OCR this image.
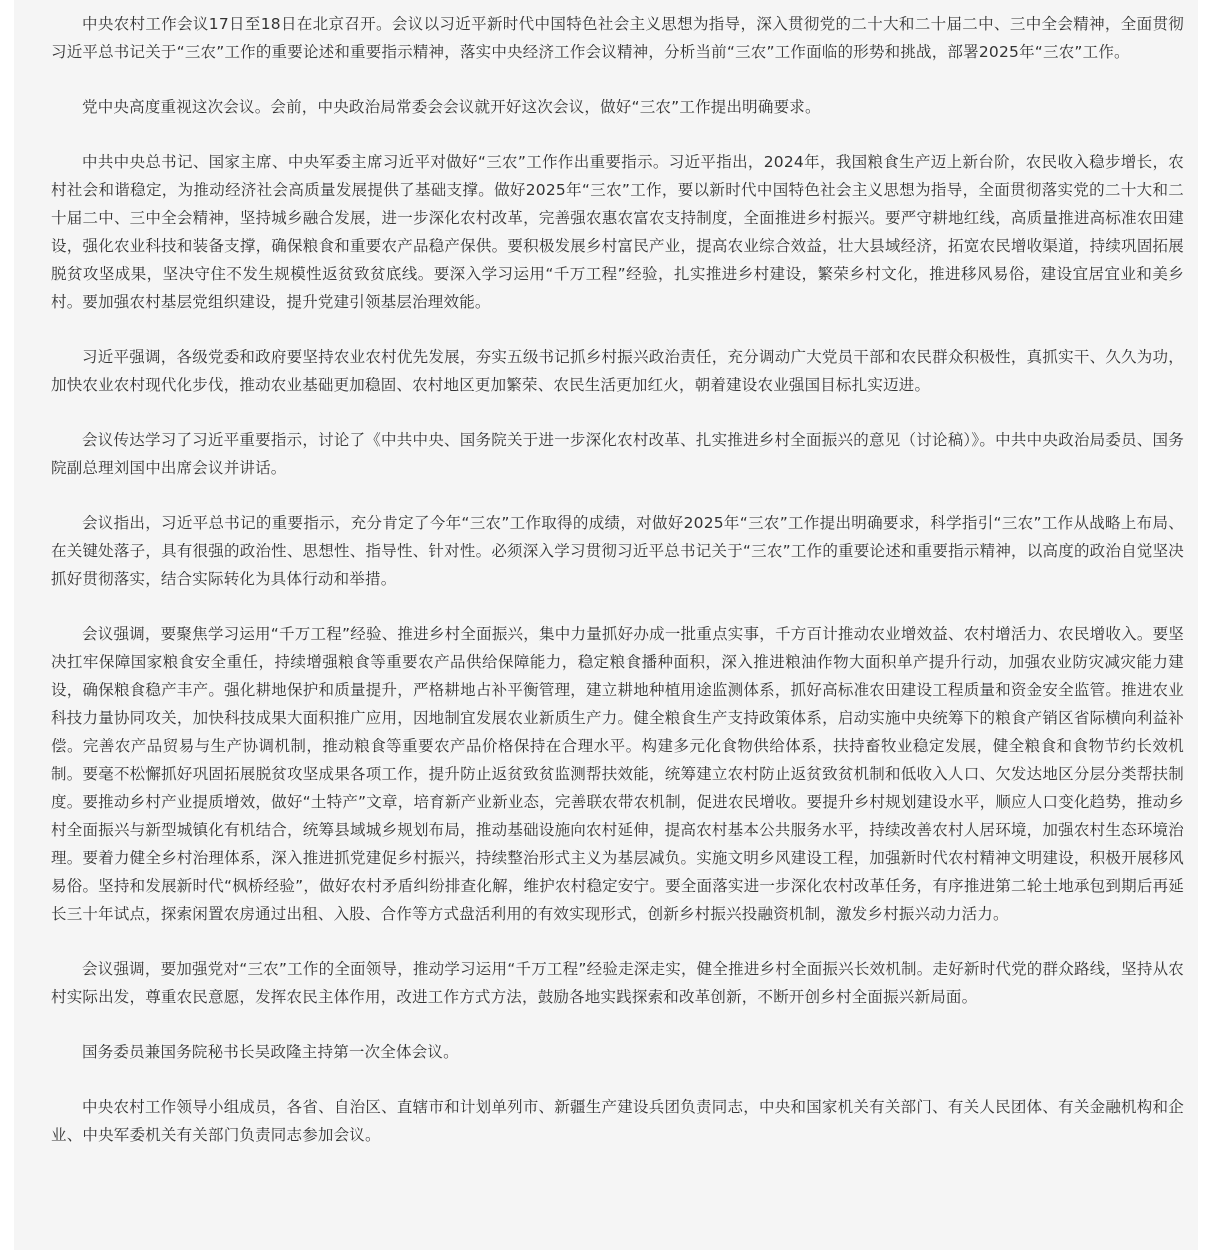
中央农村工作会议17日至18日在北京召开。会议以习近平新时代中国特色社会主义思想为指导，深入贯彻党的二十大和二十届二中、三中全会精神，全面贯彻习近平总书记关于“三农”工作的重要论述和重要指示精神，落实中央经济工作会议精神，分析当前“三农”工作面临的形势和挑战，部署2025年“三农”工作。

党中央高度重视这次会议。会前，中央政治局常委会会议就开好这次会议，做好“三农”工作提出明确要求。

中共中央总书记、国家主席、中央军委主席习近平对做好“三农”工作作出重要指示。习近平指出，2024年，我国粮食生产迈上新台阶，农民收入稳步增长，农村社会和谐稳定，为推动经济社会高质量发展提供了基础支撑。做好2025年“三农”工作，要以新时代中国特色社会主义思想为指导，全面贯彻落实党的二十大和二十届二中、三中全会精神，坚持城乡融合发展，进一步深化农村改革，完善强农惠农富农支持制度，全面推进乡村振兴。要严守耕地红线，高质量推进高标准农田建设，强化农业科技和装备支撑，确保粮食和重要农产品稳产保供。要积极发展乡村富民产业，提高农业综合效益，壮大县域经济，拓宽农民增收渠道，持续巩固拓展脱贫攻坚成果，坚决守住不发生规模性返贫致贫底线。要深入学习运用“千万工程”经验，扎实推进乡村建设，繁荣乡村文化，推进移风易俗，建设宜居宜业和美乡村。要加强农村基层党组织建设，提升党建引领基层治理效能。

习近平强调，各级党委和政府要坚持农业农村优先发展，夯实五级书记抓乡村振兴政治责任，充分调动广大党员干部和农民群众积极性，真抓实干、久久为功，加快农业农村现代化步伐，推动农业基础更加稳固、农村地区更加繁荣、农民生活更加红火，朝着建设农业强国目标扎实迈进。

会议传达学习了习近平重要指示，讨论了《中共中央、国务院关于进一步深化农村改革、扎实推进乡村全面振兴的意见（讨论稿）》。中共中央政治局委员、国务院副总理刘国中出席会议并讲话。

会议指出，习近平总书记的重要指示，充分肯定了今年“三农”工作取得的成绩，对做好2025年“三农”工作提出明确要求，科学指引“三农”工作从战略上布局、在关键处落子，具有很强的政治性、思想性、指导性、针对性。必须深入学习贯彻习近平总书记关于“三农”工作的重要论述和重要指示精神，以高度的政治自觉坚决抓好贯彻落实，结合实际转化为具体行动和举措。

会议强调，要聚焦学习运用“千万工程”经验、推进乡村全面振兴，集中力量抓好办成一批重点实事，千方百计推动农业增效益、农村增活力、农民增收入。要坚决扛牢保障国家粮食安全重任，持续增强粮食等重要农产品供给保障能力，稳定粮食播种面积，深入推进粮油作物大面积单产提升行动，加强农业防灾减灾能力建设，确保粮食稳产丰产。强化耕地保护和质量提升，严格耕地占补平衡管理，建立耕地种植用途监测体系，抓好高标准农田建设工程质量和资金安全监管。推进农业科技力量协同攻关，加快科技成果大面积推广应用，因地制宜发展农业新质生产力。健全粮食生产支持政策体系，启动实施中央统筹下的粮食产销区省际横向利益补偿。完善农产品贸易与生产协调机制，推动粮食等重要农产品价格保持在合理水平。构建多元化食物供给体系，扶持畜牧业稳定发展，健全粮食和食物节约长效机制。要毫不松懈抓好巩固拓展脱贫攻坚成果各项工作，提升防止返贫致贫监测帮扶效能，统筹建立农村防止返贫致贫机制和低收入人口、欠发达地区分层分类帮扶制度。要推动乡村产业提质增效，做好“土特产”文章，培育新产业新业态，完善联农带农机制，促进农民增收。要提升乡村规划建设水平，顺应人口变化趋势，推动乡村全面振兴与新型城镇化有机结合，统筹县域城乡规划布局，推动基础设施向农村延伸，提高农村基本公共服务水平，持续改善农村人居环境，加强农村生态环境治理。要着力健全乡村治理体系，深入推进抓党建促乡村振兴，持续整治形式主义为基层减负。实施文明乡风建设工程，加强新时代农村精神文明建设，积极开展移风易俗。坚持和发展新时代“枫桥经验”，做好农村矛盾纠纷排查化解，维护农村稳定安宁。要全面落实进一步深化农村改革任务，有序推进第二轮土地承包到期后再延长三十年试点，探索闲置农房通过出租、入股、合作等方式盘活利用的有效实现形式，创新乡村振兴投融资机制，激发乡村振兴动力活力。

会议强调，要加强党对“三农”工作的全面领导，推动学习运用“千万工程”经验走深走实，健全推进乡村全面振兴长效机制。走好新时代党的群众路线，坚持从农村实际出发，尊重农民意愿，发挥农民主体作用，改进工作方式方法，鼓励各地实践探索和改革创新，不断开创乡村全面振兴新局面。

国务委员兼国务院秘书长吴政隆主持第一次全体会议。

中央农村工作领导小组成员，各省、自治区、直辖市和计划单列市、新疆生产建设兵团负责同志，中央和国家机关有关部门、有关人民团体、有关金融机构和企业、中央军委机关有关部门负责同志参加会议。
